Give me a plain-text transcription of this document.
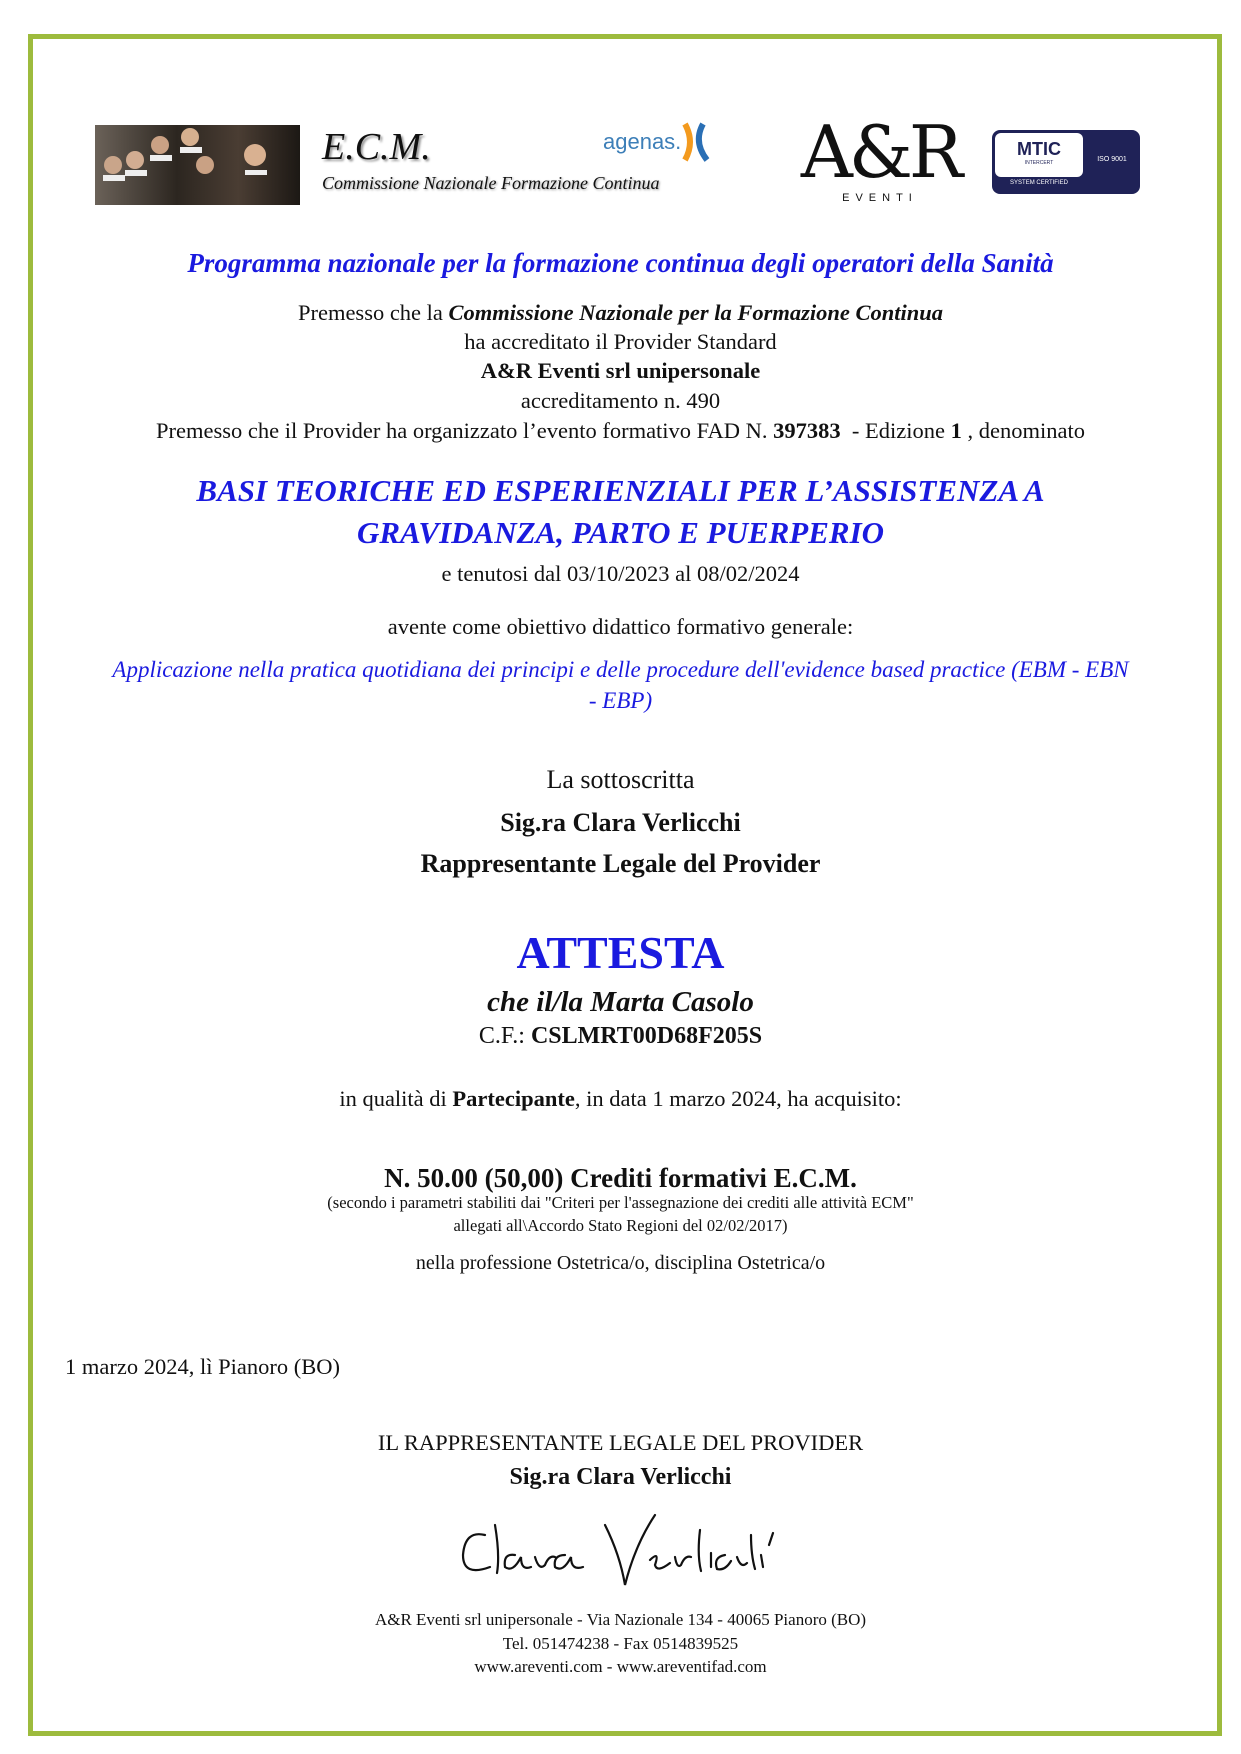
E.C.M.
Commissione Nazionale Formazione Continua
agenas. A&R
EVENTI
MTIC
INTERCERT
SYSTEM CERTIFIED
ISO 9001
Programma nazionale per la formazione continua degli operatori della Sanità
Premesso che la Commissione Nazionale per la Formazione Continua
ha accreditato il Provider Standard
A&R Eventi srl unipersonale
accreditamento n. 490
Premesso che il Provider ha organizzato l’evento formativo FAD N. 397383  - Edizione 1 , denominato
BASI TEORICHE ED ESPERIENZIALI PER L’ASSISTENZA A
GRAVIDANZA, PARTO E PUERPERIO
e tenutosi dal 03/10/2023 al 08/02/2024
avente come obiettivo didattico formativo generale:
Applicazione nella pratica quotidiana dei principi e delle procedure dell'evidence based practice (EBM - EBN
- EBP)
La sottoscritta
Sig.ra Clara Verlicchi
Rappresentante Legale del Provider
ATTESTA
che il/la Marta Casolo
C.F.: CSLMRT00D68F205S
in qualità di Partecipante, in data 1 marzo 2024, ha acquisito:
N. 50.00 (50,00) Crediti formativi E.C.M.
(secondo i parametri stabiliti dai "Criteri per l'assegnazione dei crediti alle attività ECM"
allegati all\Accordo Stato Regioni del 02/02/2017)
nella professione Ostetrica/o, disciplina Ostetrica/o
1 marzo 2024, lì Pianoro (BO)
IL RAPPRESENTANTE LEGALE DEL PROVIDER
Sig.ra Clara Verlicchi
A&R Eventi srl unipersonale - Via Nazionale 134 - 40065 Pianoro (BO)
Tel. 051474238 - Fax 0514839525
www.areventi.com - www.areventifad.com
